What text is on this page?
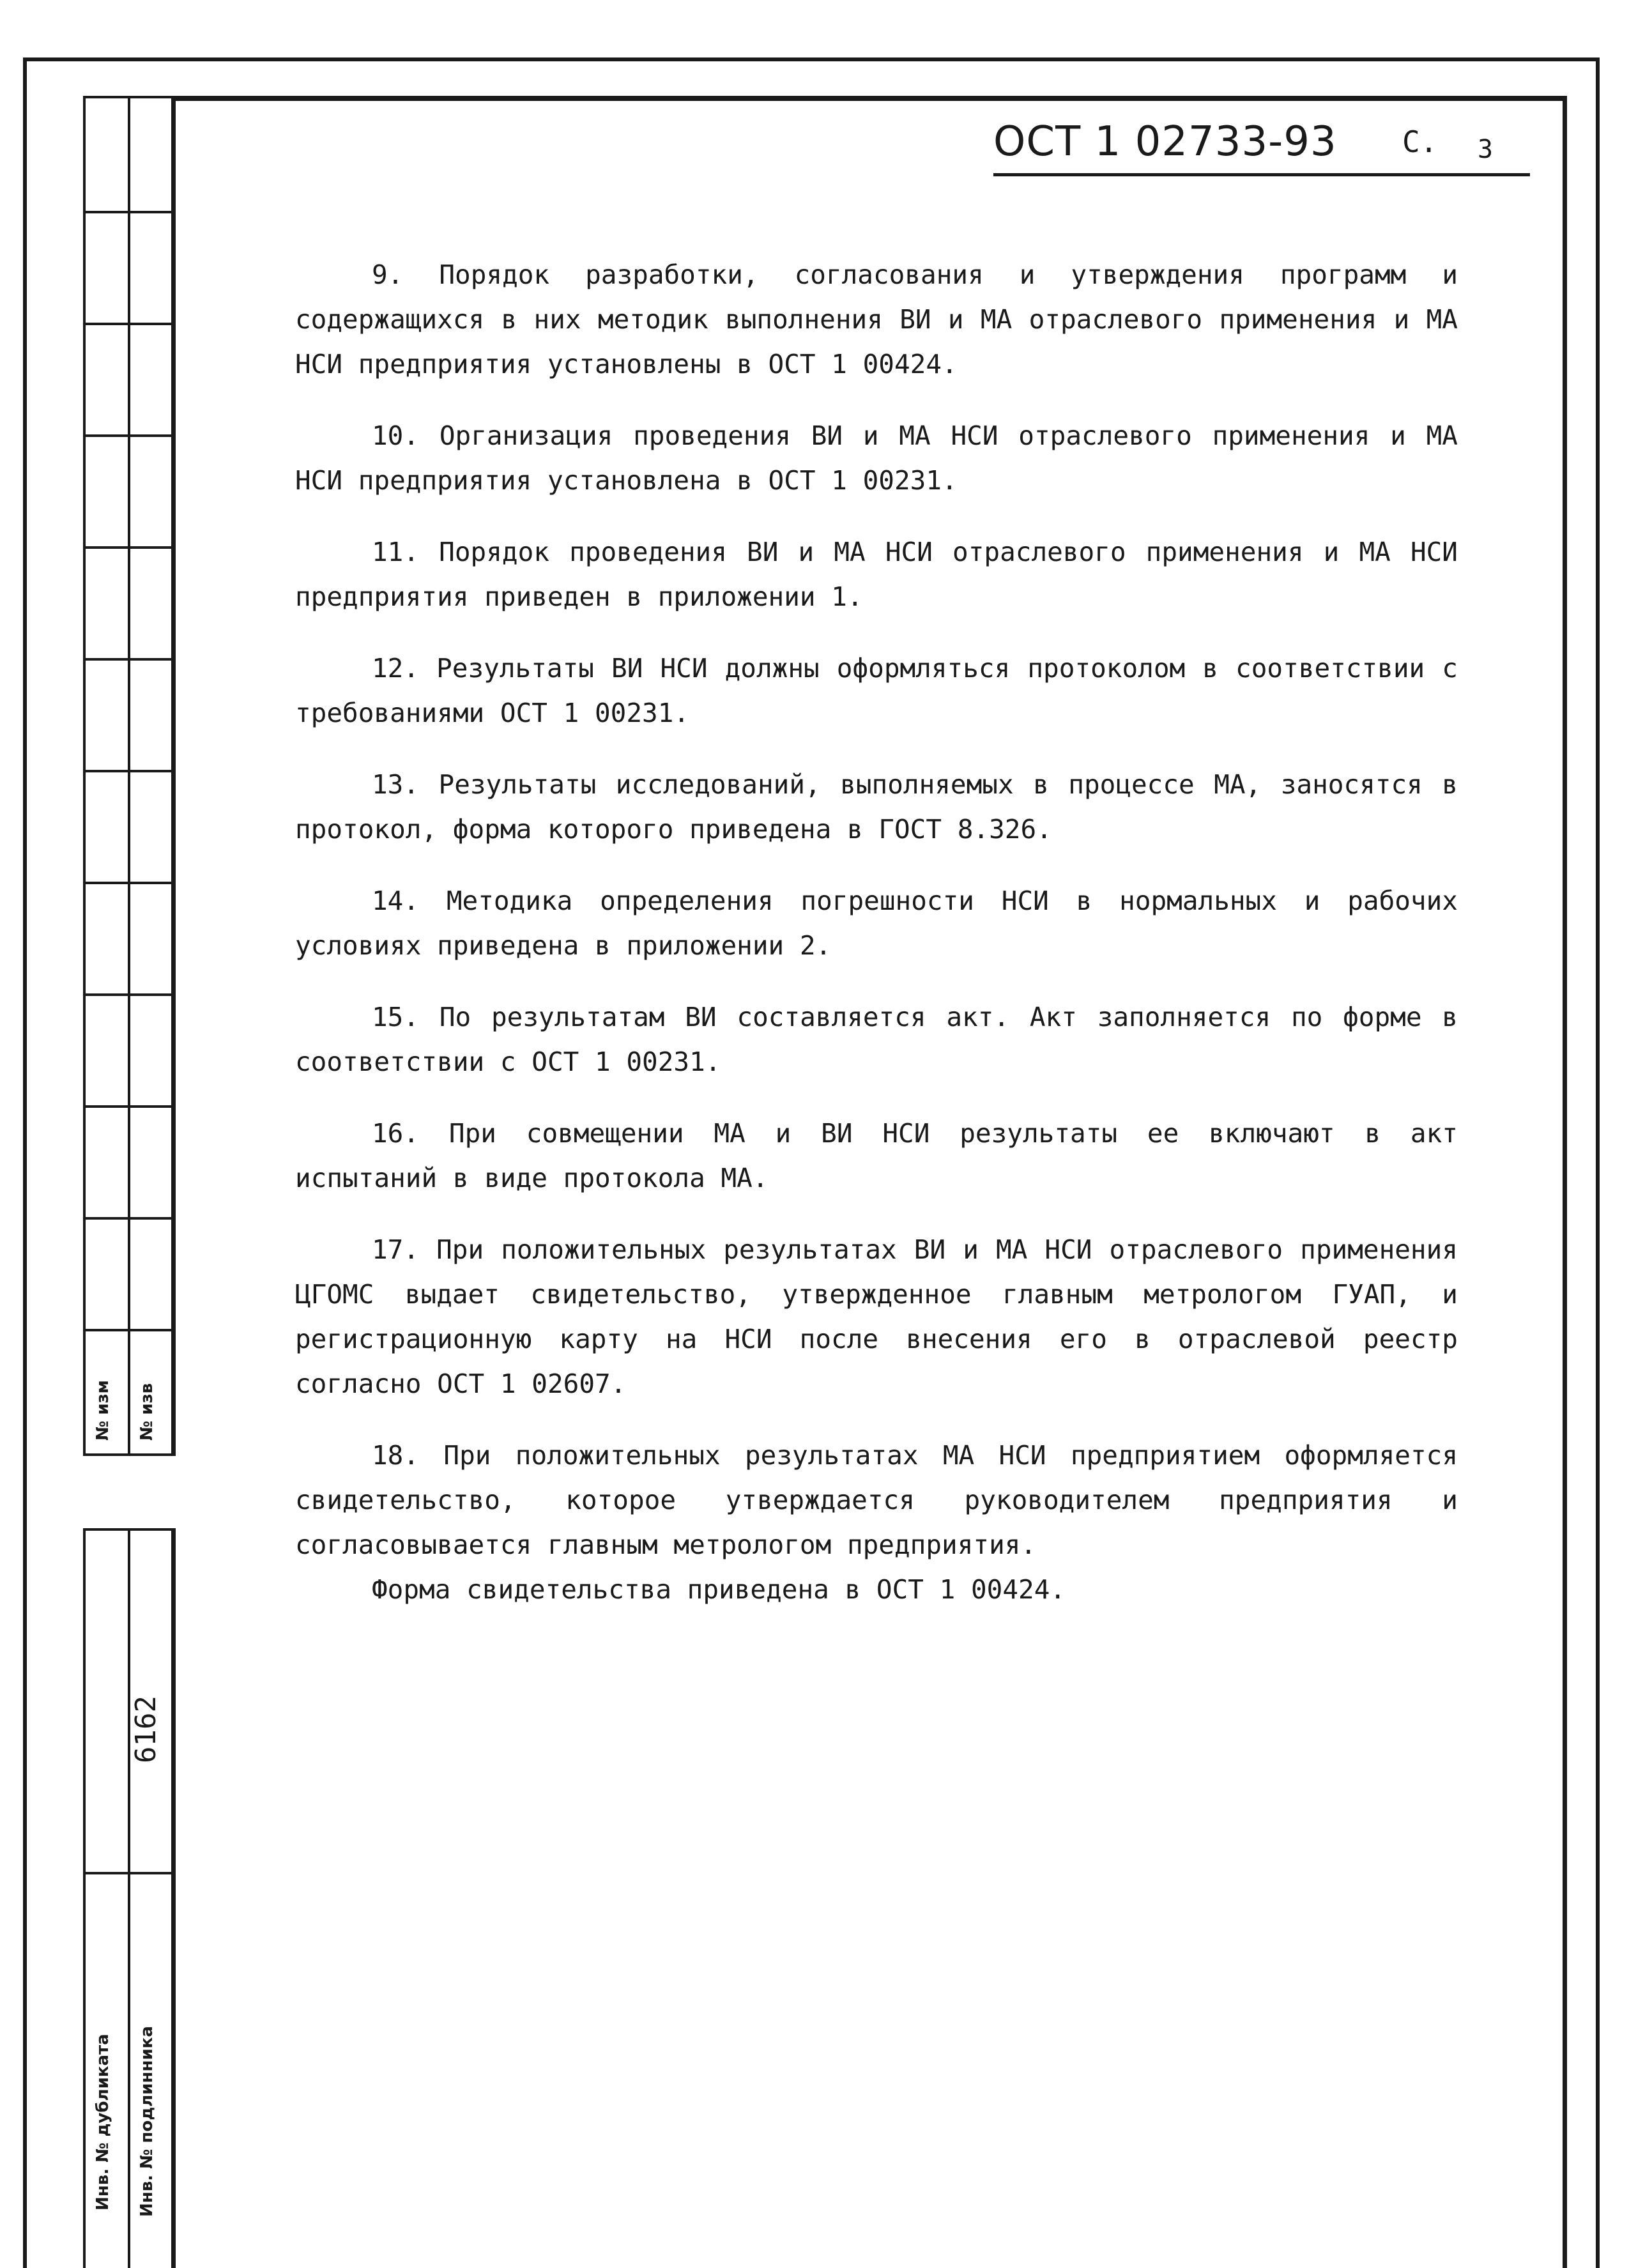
№ изм № изв
Инв. № дубликата Инв. № подлинника
6162
ОСТ 1 02733-93 С. 3

9. Порядок разработки, согласования и утверждения программ и содержащихся в них методик выполнения ВИ и МА отраслевого применения и МА НСИ предприятия установлены в ОСТ 1 00424.

10. Организация проведения ВИ и МА НСИ отраслевого применения и МА НСИ предприятия установлена в ОСТ 1 00231.

11. Порядок проведения ВИ и МА НСИ отраслевого применения и МА НСИ предприятия приведен в приложении 1.

12. Результаты ВИ НСИ должны оформляться протоколом в соответствии с требованиями ОСТ 1 00231.

13. Результаты исследований, выполняемых в процессе МА, заносятся в протокол, форма которого приведена в ГОСТ 8.326.

14. Методика определения погрешности НСИ в нормальных и рабочих условиях приведена в приложении 2.

15. По результатам ВИ составляется акт. Акт заполняется по форме в соответствии с ОСТ 1 00231.

16. При совмещении МА и ВИ НСИ результаты ее включают в акт испытаний в виде протокола МА.

17. При положительных результатах ВИ и МА НСИ отраслевого применения ЦГОМС выдает свидетельство, утвержденное главным метрологом ГУАП, и регистрационную карту на НСИ после внесения его в отраслевой реестр согласно ОСТ 1 02607.

18. При положительных результатах МА НСИ предприятием оформляется свидетельство, которое утверждается руководителем предприятия и согласовывается главным метрологом предприятия.

Форма свидетельства приведена в ОСТ 1 00424.
